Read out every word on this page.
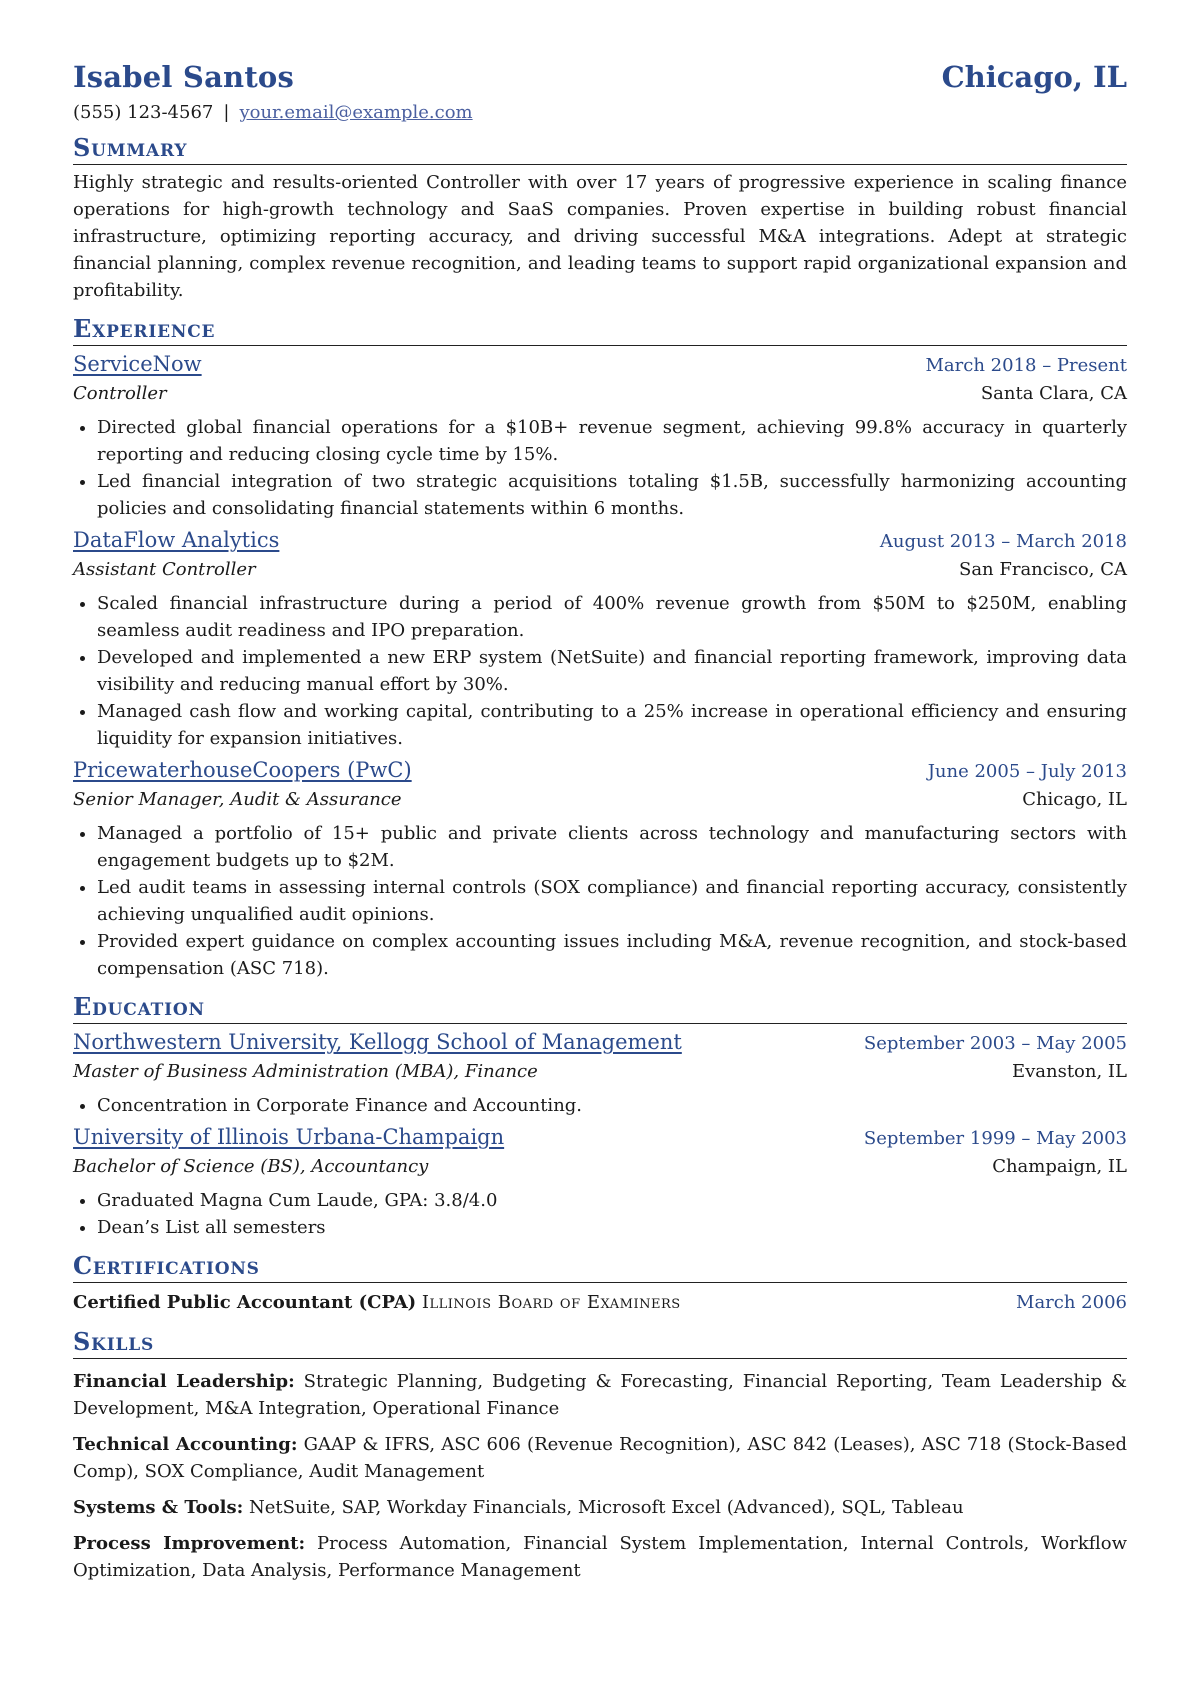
Isabel Santos	Chicago, IL
(555) 123-4567 | your.email@example.com
Summary
Highly strategic and results-oriented Controller with over 17 years of progressive experience in scaling finance operations for high-growth technology and SaaS companies. Proven expertise in building robust financial infrastructure, optimizing reporting accuracy, and driving successful M&A integrations. Adept at strategic financial planning, complex revenue recognition, and leading teams to support rapid organizational expansion and profitability.
Experience
ServiceNow	March 2018 – Present
Controller	Santa Clara, CA
• Directed global financial operations for a $10B+ revenue segment, achieving 99.8% accuracy in quarterly reporting and reducing closing cycle time by 15%.
• Led financial integration of two strategic acquisitions totaling $1.5B, successfully harmonizing accounting policies and consolidating financial statements within 6 months.
DataFlow Analytics	August 2013 – March 2018
Assistant Controller	San Francisco, CA
• Scaled financial infrastructure during a period of 400% revenue growth from $50M to $250M, enabling seamless audit readiness and IPO preparation.
• Developed and implemented a new ERP system (NetSuite) and financial reporting framework, improving data visibility and reducing manual effort by 30%.
• Managed cash flow and working capital, contributing to a 25% increase in operational efficiency and ensuring liquidity for expansion initiatives.
PricewaterhouseCoopers (PwC)	June 2005 – July 2013
Senior Manager, Audit & Assurance	Chicago, IL
• Managed a portfolio of 15+ public and private clients across technology and manufacturing sectors with engagement budgets up to $2M.
• Led audit teams in assessing internal controls (SOX compliance) and financial reporting accuracy, consistently achieving unqualified audit opinions.
• Provided expert guidance on complex accounting issues including M&A, revenue recognition, and stock-based compensation (ASC 718).
Education
Northwestern University, Kellogg School of Management	September 2003 – May 2005
Master of Business Administration (MBA), Finance	Evanston, IL
• Concentration in Corporate Finance and Accounting.
University of Illinois Urbana-Champaign	September 1999 – May 2003
Bachelor of Science (BS), Accountancy	Champaign, IL
• Graduated Magna Cum Laude, GPA: 3.8/4.0
• Dean’s List all semesters
Certifications
Certified Public Accountant (CPA) Illinois Board of Examiners	March 2006
Skills
Financial Leadership: Strategic Planning, Budgeting & Forecasting, Financial Reporting, Team Leadership & Development, M&A Integration, Operational Finance
Technical Accounting: GAAP & IFRS, ASC 606 (Revenue Recognition), ASC 842 (Leases), ASC 718 (Stock-Based Comp), SOX Compliance, Audit Management
Systems & Tools: NetSuite, SAP, Workday Financials, Microsoft Excel (Advanced), SQL, Tableau
Process Improvement: Process Automation, Financial System Implementation, Internal Controls, Workflow Optimization, Data Analysis, Performance Management
